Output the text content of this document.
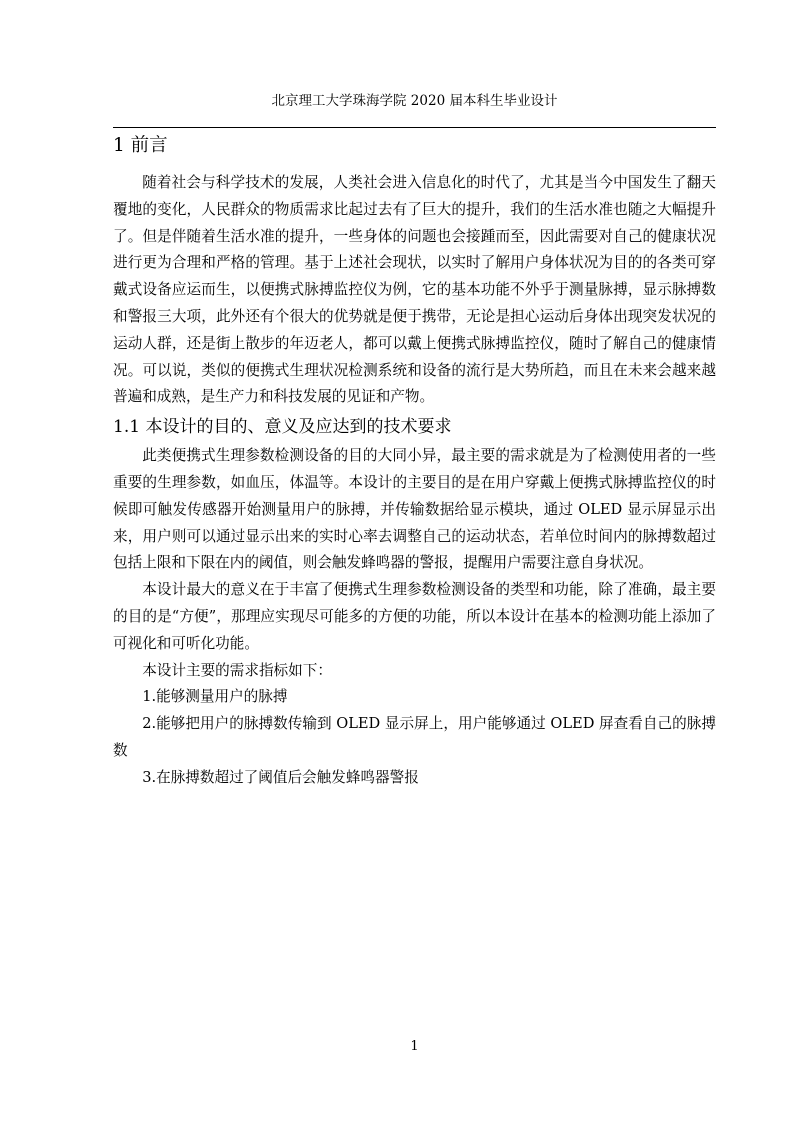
北京理工大学珠海学院 2020 届本科生毕业设计
1 前言

随着社会与科学技术的发展，人类社会进入信息化的时代了，尤其是当今中国发生了翻天覆地的变化，人民群众的物质需求比起过去有了巨大的提升，我们的生活水准也随之大幅提升了。但是伴随着生活水准的提升，一些身体的问题也会接踵而至，因此需要对自己的健康状况进行更为合理和严格的管理。基于上述社会现状，以实时了解用户身体状况为目的的各类可穿戴式设备应运而生，以便携式脉搏监控仪为例，它的基本功能不外乎于测量脉搏，显示脉搏数和警报三大项，此外还有个很大的优势就是便于携带，无论是担心运动后身体出现突发状况的运动人群，还是街上散步的年迈老人，都可以戴上便携式脉搏监控仪，随时了解自己的健康情况。可以说，类似的便携式生理状况检测系统和设备的流行是大势所趋，而且在未来会越来越普遍和成熟，是生产力和科技发展的见证和产物。

1.1 本设计的目的、意义及应达到的技术要求

此类便携式生理参数检测设备的目的大同小异，最主要的需求就是为了检测使用者的一些重要的生理参数，如血压，体温等。本设计的主要目的是在用户穿戴上便携式脉搏监控仪的时候即可触发传感器开始测量用户的脉搏，并传输数据给显示模块，通过 OLED 显示屏显示出来，用户则可以通过显示出来的实时心率去调整自己的运动状态，若单位时间内的脉搏数超过包括上限和下限在内的阈值，则会触发蜂鸣器的警报，提醒用户需要注意自身状况。

本设计最大的意义在于丰富了便携式生理参数检测设备的类型和功能，除了准确，最主要的目的是“方便”，那理应实现尽可能多的方便的功能，所以本设计在基本的检测功能上添加了可视化和可听化功能。

本设计主要的需求指标如下：

1.能够测量用户的脉搏

2.能够把用户的脉搏数传输到 OLED 显示屏上，用户能够通过 OLED 屏查看自己的脉搏数

3.在脉搏数超过了阈值后会触发蜂鸣器警报

1
